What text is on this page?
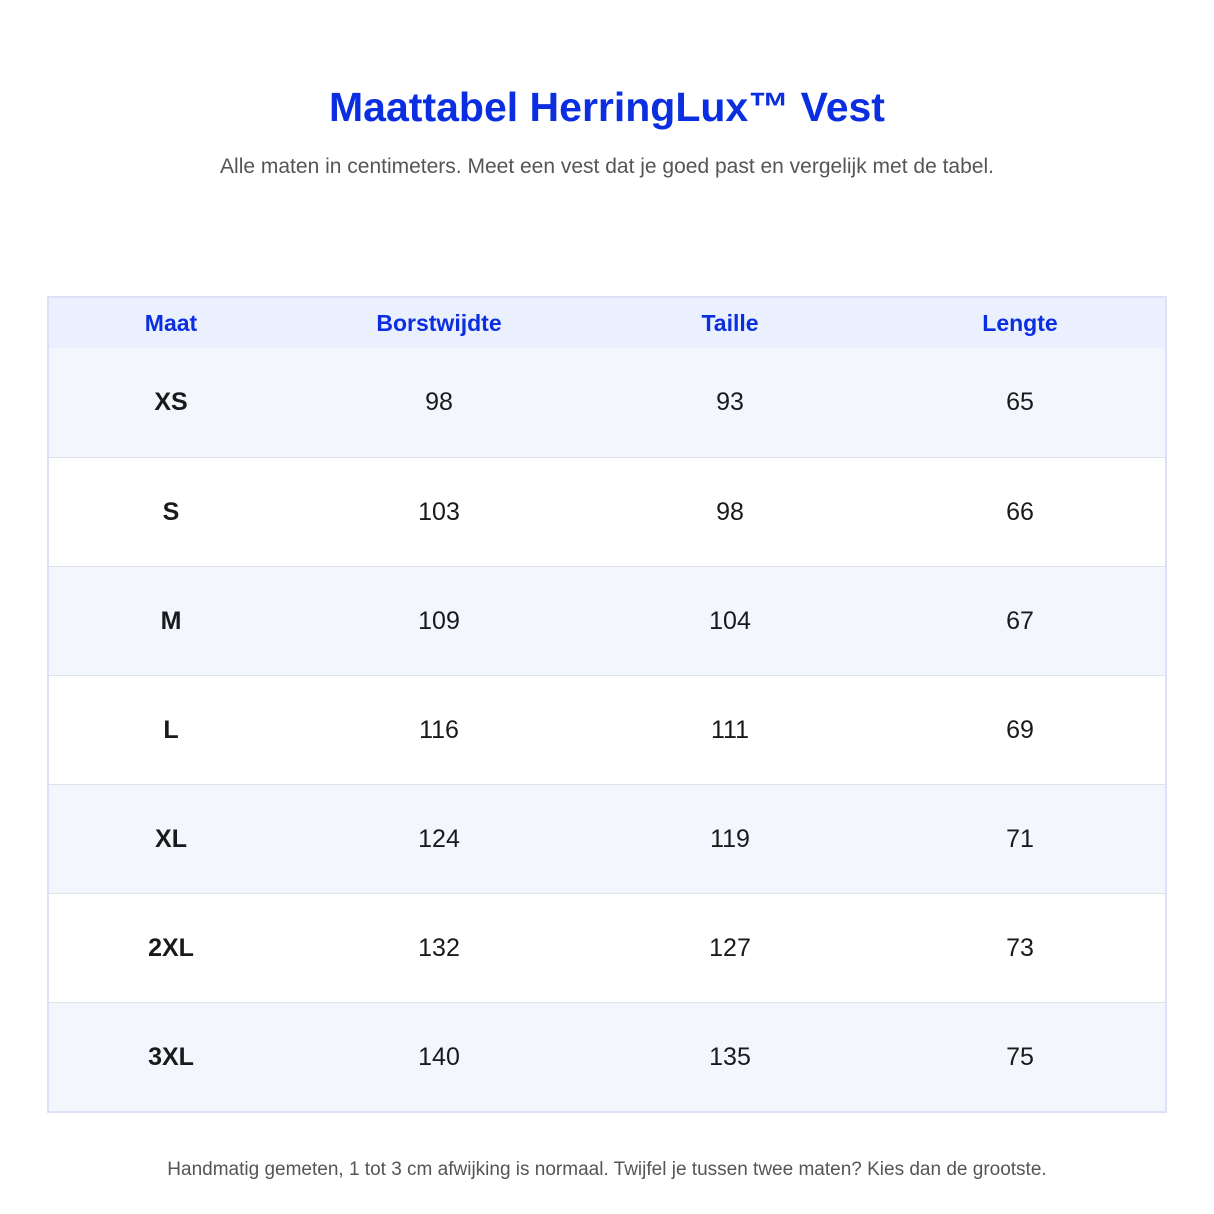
Maattabel HerringLux™ Vest

Alle maten in centimeters. Meet een vest dat je goed past en vergelijk met de tabel.

Maat	Borstwijdte	Taille	Lengte
XS	98	93	65
S	103	98	66
M	109	104	67
L	116	111	69
XL	124	119	71
2XL	132	127	73
3XL	140	135	75

Handmatig gemeten, 1 tot 3 cm afwijking is normaal. Twijfel je tussen twee maten? Kies dan de grootste.
